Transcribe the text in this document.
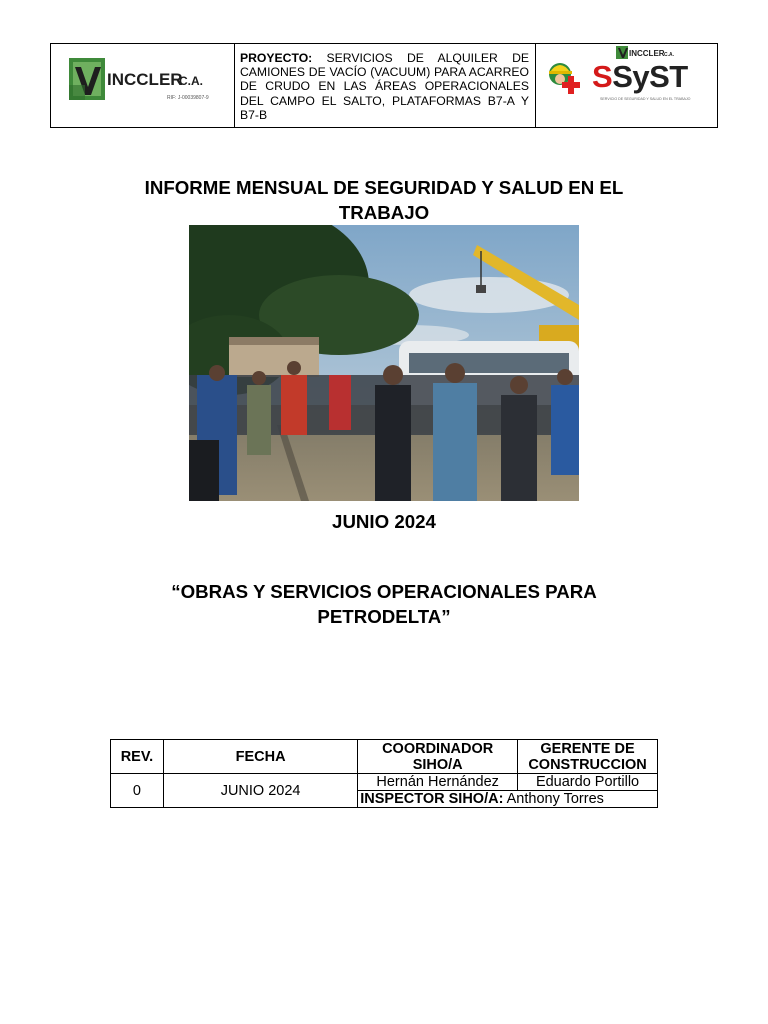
INCCLER
C.A.
RIF: J-00039807-9
PROYECTO: SERVICIOS DE ALQUILER DE CAMIONES DE VACÍO (VACUUM) PARA ACARREO DE CRUDO EN LAS ÁREAS OPERACIONALES DEL CAMPO EL SALTO, PLATAFORMAS B7-A Y B7-B
INCCLER C.A.
SSyST
SERVICIO DE SEGURIDAD Y SALUD EN EL TRABAJO
INFORME MENSUAL DE SEGURIDAD Y SALUD EN EL TRABAJO
JUNIO 2024
“OBRAS Y SERVICIOS OPERACIONALES PARA PETRODELTA”
REV.	FECHA	COORDINADOR SIHO/A	GERENTE DE CONSTRUCCION
0	JUNIO 2024	Hernán Hernández	Eduardo Portillo
		INSPECTOR SIHO/A: Anthony Torres	
